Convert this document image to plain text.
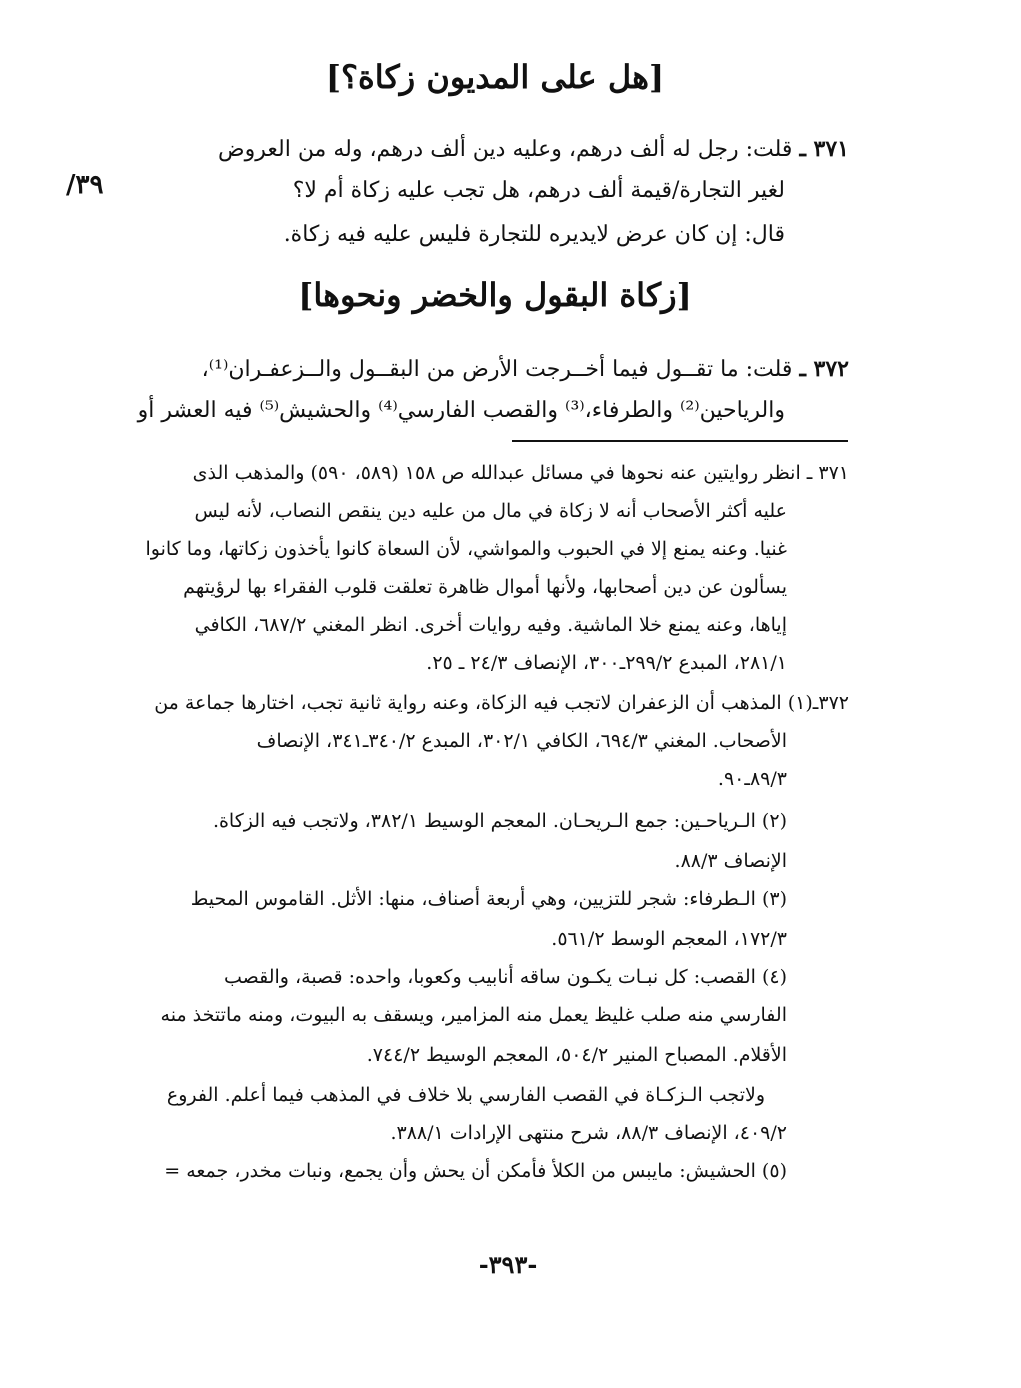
[هل على المديون زكاة؟]
٣٧١ ـ قلت: رجل له ألف درهم، وعليه دين ألف درهم، وله من العروض
لغير التجارة/قيمة ألف درهم، هل تجب عليه زكاة أم لا؟
قال: إن كان عرض لايديره للتجارة فليس عليه فيه زكاة.
٣٩/
[زكاة البقول والخضر ونحوها]
٣٧٢ ـ قلت: ما تقــول فيما أخــرجت الأرض من البقــول والــزعفـران⁽¹⁾،
والرياحين⁽²⁾ والطرفاء،⁽³⁾ والقصب الفارسي⁽⁴⁾ والحشيش⁽⁵⁾ فيه العشر أو
٣٧١ ـ انظر روايتين عنه نحوها في مسائل عبدالله ص ١٥٨ (٥٨٩، ٥٩٠) والمذهب الذى
عليه أكثر الأصحاب أنه لا زكاة في مال من عليه دين ينقص النصاب، لأنه ليس
غنيا. وعنه يمنع إلا في الحبوب والمواشي، لأن السعاة كانوا يأخذون زكاتها، وما كانوا
يسألون عن دين أصحابها، ولأنها أموال ظاهرة تعلقت قلوب الفقراء بها لرؤيتهم
إياها، وعنه يمنع خلا الماشية. وفيه روايات أخرى. انظر المغني ٦٨٧/٢، الكافي
٢٨١/١، المبدع ٢٩٩/٢ـ٣٠٠، الإنصاف ٢٤/٣ ـ ٢٥.
٣٧٢ـ(١) المذهب أن الزعفران لاتجب فيه الزكاة، وعنه رواية ثانية تجب، اختارها جماعة من
الأصحاب. المغني ٦٩٤/٣، الكافي ٣٠٢/١، المبدع ٣٤٠/٢ـ٣٤١، الإنصاف
٨٩/٣ـ٩٠.
(٢) الـرياحـين: جمع الـريحـان. المعجم الوسيط ٣٨٢/١، ولاتجب فيه الزكاة.
الإنصاف ٨٨/٣.
(٣) الـطرفاء: شجر للتزيين، وهي أربعة أصناف، منها: الأثل. القاموس المحيط
١٧٢/٣، المعجم الوسط ٥٦١/٢.
(٤) القصب: كل نبـات يكـون ساقه أنابيب وكعوبا، واحده: قصبة، والقصب
الفارسي منه صلب غليظ يعمل منه المزامير، ويسقف به البيوت، ومنه ماتتخذ منه
الأقلام. المصباح المنير ٥٠٤/٢، المعجم الوسيط ٧٤٤/٢.
ولاتجب الـزكـاة في القصب الفارسي بلا خلاف في المذهب فيما أعلم. الفروع
٤٠٩/٢، الإنصاف ٨٨/٣، شرح منتهى الإرادات ٣٨٨/١.
(٥) الحشيش: مايبس من الكلأ فأمكن أن يحش وأن يجمع، ونبات مخدر، جمعه =
-٣٩٣-
